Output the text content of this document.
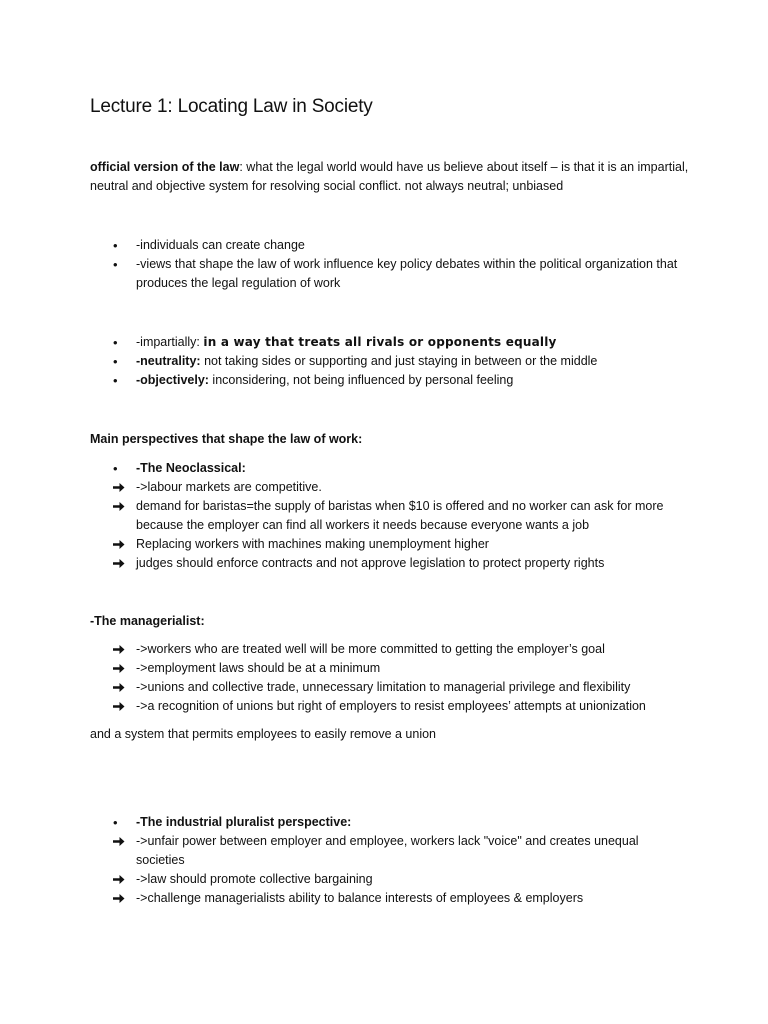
Lecture 1: Locating Law in Society

official version of the law: what the legal world would have us believe about itself – is that it is an impartial, neutral and objective system for resolving social conflict. not always neutral; unbiased

•	-individuals can create change
•	-views that shape the law of work influence key policy debates within the political organization that produces the legal regulation of work
•	-impartially: in a way that treats all rivals or opponents equally
•	-neutrality: not taking sides or supporting and just staying in between or the middle
•	-objectively: inconsidering, not being influenced by personal feeling

Main perspectives that shape the law of work:

•	-The Neoclassical:
->labour markets are competitive.
demand for baristas=the supply of baristas when $10 is offered and no worker can ask for more because the employer can find all workers it needs because everyone wants a job
Replacing workers with machines making unemployment higher
judges should enforce contracts and not approve legislation to protect property rights

-The managerialist:

->workers who are treated well will be more committed to getting the employer’s goal
->employment laws should be at a minimum
->unions and collective trade, unnecessary limitation to managerial privilege and flexibility
->a recognition of unions but right of employers to resist employees’ attempts at unionization

and a system that permits employees to easily remove a union

•	-The industrial pluralist perspective:
->unfair power between employer and employee, workers lack "voice" and creates unequal societies
->law should promote collective bargaining
->challenge managerialists ability to balance interests of employees & employers
